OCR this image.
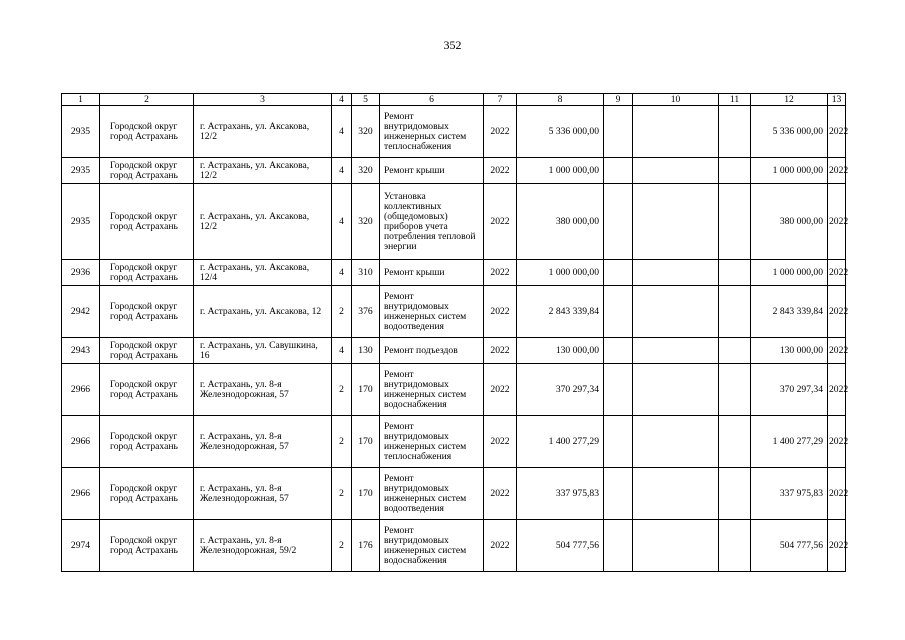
352
1	2	3	4	5	6	7	8	9	10	11	12	13
2935	Городской округ город Астрахань	г. Астрахань, ул. Аксакова, 12/2	4	320	Ремонт внутридомовых инженерных систем теплоснабжения	2022	5 336 000,00				5 336 000,00	2022
2935	Городской округ город Астрахань	г. Астрахань, ул. Аксакова, 12/2	4	320	Ремонт крыши	2022	1 000 000,00				1 000 000,00	2022
2935	Городской округ город Астрахань	г. Астрахань, ул. Аксакова, 12/2	4	320	Установка коллективных (общедомовых) приборов учета потребления тепловой энергии	2022	380 000,00				380 000,00	2022
2936	Городской округ город Астрахань	г. Астрахань, ул. Аксакова, 12/4	4	310	Ремонт крыши	2022	1 000 000,00				1 000 000,00	2022
2942	Городской округ город Астрахань	г. Астрахань, ул. Аксакова, 12	2	376	Ремонт внутридомовых инженерных систем водоотведения	2022	2 843 339,84				2 843 339,84	2022
2943	Городской округ город Астрахань	г. Астрахань, ул. Савушкина, 16	4	130	Ремонт подъездов	2022	130 000,00				130 000,00	2022
2966	Городской округ город Астрахань	г. Астрахань, ул. 8-я Железнодорожная, 57	2	170	Ремонт внутридомовых инженерных систем водоснабжения	2022	370 297,34				370 297,34	2022
2966	Городской округ город Астрахань	г. Астрахань, ул. 8-я Железнодорожная, 57	2	170	Ремонт внутридомовых инженерных систем теплоснабжения	2022	1 400 277,29				1 400 277,29	2022
2966	Городской округ город Астрахань	г. Астрахань, ул. 8-я Железнодорожная, 57	2	170	Ремонт внутридомовых инженерных систем водоотведения	2022	337 975,83				337 975,83	2022
2974	Городской округ город Астрахань	г. Астрахань, ул. 8-я Железнодорожная, 59/2	2	176	Ремонт внутридомовых инженерных систем водоснабжения	2022	504 777,56				504 777,56	2022
